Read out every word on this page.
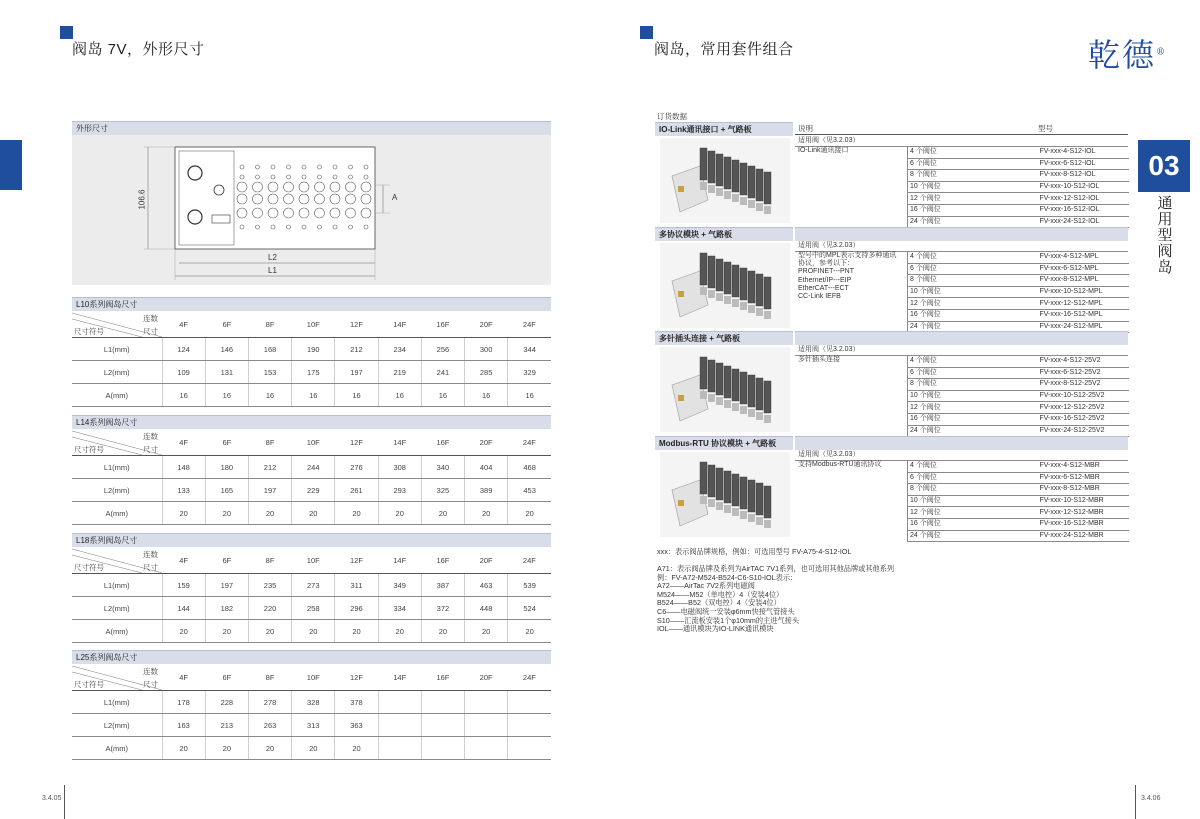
阀岛 7V，外形尺寸
外形尺寸
106.6	A
L2
L1
L10系列阀岛尺寸
连数
尺寸符号 尺寸	4F	6F	8F	10F	12F	14F	16F	20F	24F
L1(mm)	124	146	168	190	212	234	256	300	344
L2(mm)	109	131	153	175	197	219	241	285	329
A(mm)	16	16	16	16	16	16	16	16	16
L14系列阀岛尺寸
连数
尺寸符号 尺寸	4F	6F	8F	10F	12F	14F	16F	20F	24F
L1(mm)	148	180	212	244	276	308	340	404	468
L2(mm)	133	165	197	229	261	293	325	389	453
A(mm)	20	20	20	20	20	20	20	20	20
L18系列阀岛尺寸
连数
尺寸符号 尺寸	4F	6F	8F	10F	12F	14F	16F	20F	24F
L1(mm)	159	197	235	273	311	349	387	463	539
L2(mm)	144	182	220	258	296	334	372	448	524
A(mm)	20	20	20	20	20	20	20	20	20
L25系列阀岛尺寸
连数
尺寸符号 尺寸	4F	6F	8F	10F	12F	14F	16F	20F	24F
L1(mm)	178	228	278	328	378				
L2(mm)	163	213	263	313	363				
A(mm)	20	20	20	20	20				
3.4.05
阀岛，常用套件组合	乾德®
03
通
用
型
阀
岛
订货数据
说明	型号
IO-Link通讯接口 + 气路板
适用阀（见3.2.03）
IO-Link通讯接口	4 个阀位	FV-xxx-4-S12-IOL
6 个阀位	FV-xxx-6-S12-IOL
8 个阀位	FV-xxx-8-S12-IOL
10 个阀位	FV-xxx-10-S12-IOL
12 个阀位	FV-xxx-12-S12-IOL
16 个阀位	FV-xxx-16-S12-IOL
24 个阀位	FV-xxx-24-S12-IOL
多协议模块 + 气路板
适用阀（见3.2.03）
型号中的MPL表示支持多种通讯
协议，参考以下：
PROFINET---PNT
Ethernet/IP---EIP
EtherCAT---ECT
CC-Link IEFB
4 个阀位	FV-xxx-4-S12-MPL
6 个阀位	FV-xxx-6-S12-MPL
8 个阀位	FV-xxx-8-S12-MPL
10 个阀位	FV-xxx-10-S12-MPL
12 个阀位	FV-xxx-12-S12-MPL
16 个阀位	FV-xxx-16-S12-MPL
24 个阀位	FV-xxx-24-S12-MPL
多针插头连接 + 气路板
适用阀（见3.2.03）
多针插头连接	4 个阀位	FV-xxx-4-S12-25V2
6 个阀位	FV-xxx-6-S12-25V2
8 个阀位	FV-xxx-8-S12-25V2
10 个阀位	FV-xxx-10-S12-25V2
12 个阀位	FV-xxx-12-S12-25V2
16 个阀位	FV-xxx-16-S12-25V2
24 个阀位	FV-xxx-24-S12-25V2
Modbus-RTU 协议模块 + 气路板
适用阀（见3.2.03）
支持Modbus-RTU通讯协议	4 个阀位	FV-xxx-4-S12-MBR
6 个阀位	FV-xxx-6-S12-MBR
8 个阀位	FV-xxx-8-S12-MBR
10 个阀位	FV-xxx-10-S12-MBR
12 个阀位	FV-xxx-12-S12-MBR
16 个阀位	FV-xxx-16-S12-MBR
24 个阀位	FV-xxx-24-S12-MBR
xxx：表示阀品牌规格，例如：可选用型号 FV-A75-4-S12-IOL
A71：表示阀品牌及系列为AirTAC 7V1系列，也可选用其他品牌或其他系列
例：FV-A72-M524-B524-C6-S10-IOL表示：
A72——AirTac 7V2系列电磁阀
M524——M52（单电控）4（安装4位）
B524——B52（双电控）4（安装4位）
C6——电磁阀统一安装φ6mm快接气管接头
S10——汇流板安装1个φ10mm的主进气接头
IOL——通讯模块为IO-LINK通讯模块
3.4.06
